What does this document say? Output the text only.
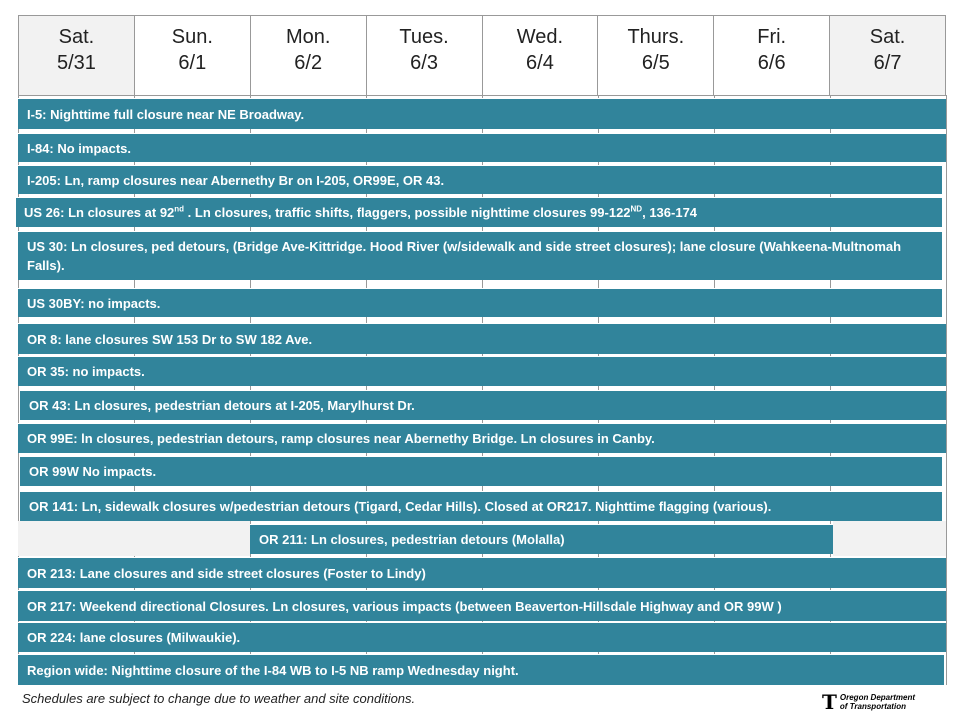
Sat.
5/31
Sun.
6/1
Mon.
6/2
Tues.
6/3
Wed.
6/4
Thurs.
6/5
Fri.
6/6
Sat.
6/7
I-5: Nighttime full closure near NE Broadway.
I-84: No impacts.
I-205: Ln, ramp closures near Abernethy Br on I-205, OR99E, OR 43.
US 26: Ln closures at 92nd . Ln closures, traffic shifts, flaggers, possible nighttime closures 99-122ND, 136-174
US 30: Ln closures, ped detours, (Bridge Ave-Kittridge. Hood River (w/sidewalk and side street closures); lane closure (Wahkeena-Multnomah Falls).
US 30BY: no impacts.
OR 8: lane closures SW 153 Dr to SW 182 Ave.
OR 35: no impacts.
OR 43: Ln closures, pedestrian detours at I-205, Marylhurst Dr.
OR 99E: ln closures, pedestrian detours, ramp closures near Abernethy Bridge. Ln closures in Canby.
OR 99W No impacts.
OR 141: Ln, sidewalk closures w/pedestrian detours (Tigard, Cedar Hills). Closed at OR217. Nighttime flagging (various).
OR 211: Ln closures, pedestrian detours (Molalla)
OR 213: Lane closures and side street closures (Foster to Lindy)
OR 217: Weekend directional Closures. Ln closures, various impacts (between Beaverton-Hillsdale Highway and OR 99W )
OR 224: lane closures (Milwaukie).
Region wide: Nighttime closure of the I-84 WB to I-5 NB ramp Wednesday night.
Schedules are subject to change due to weather and site conditions.	T Oregon Department
of Transportation
